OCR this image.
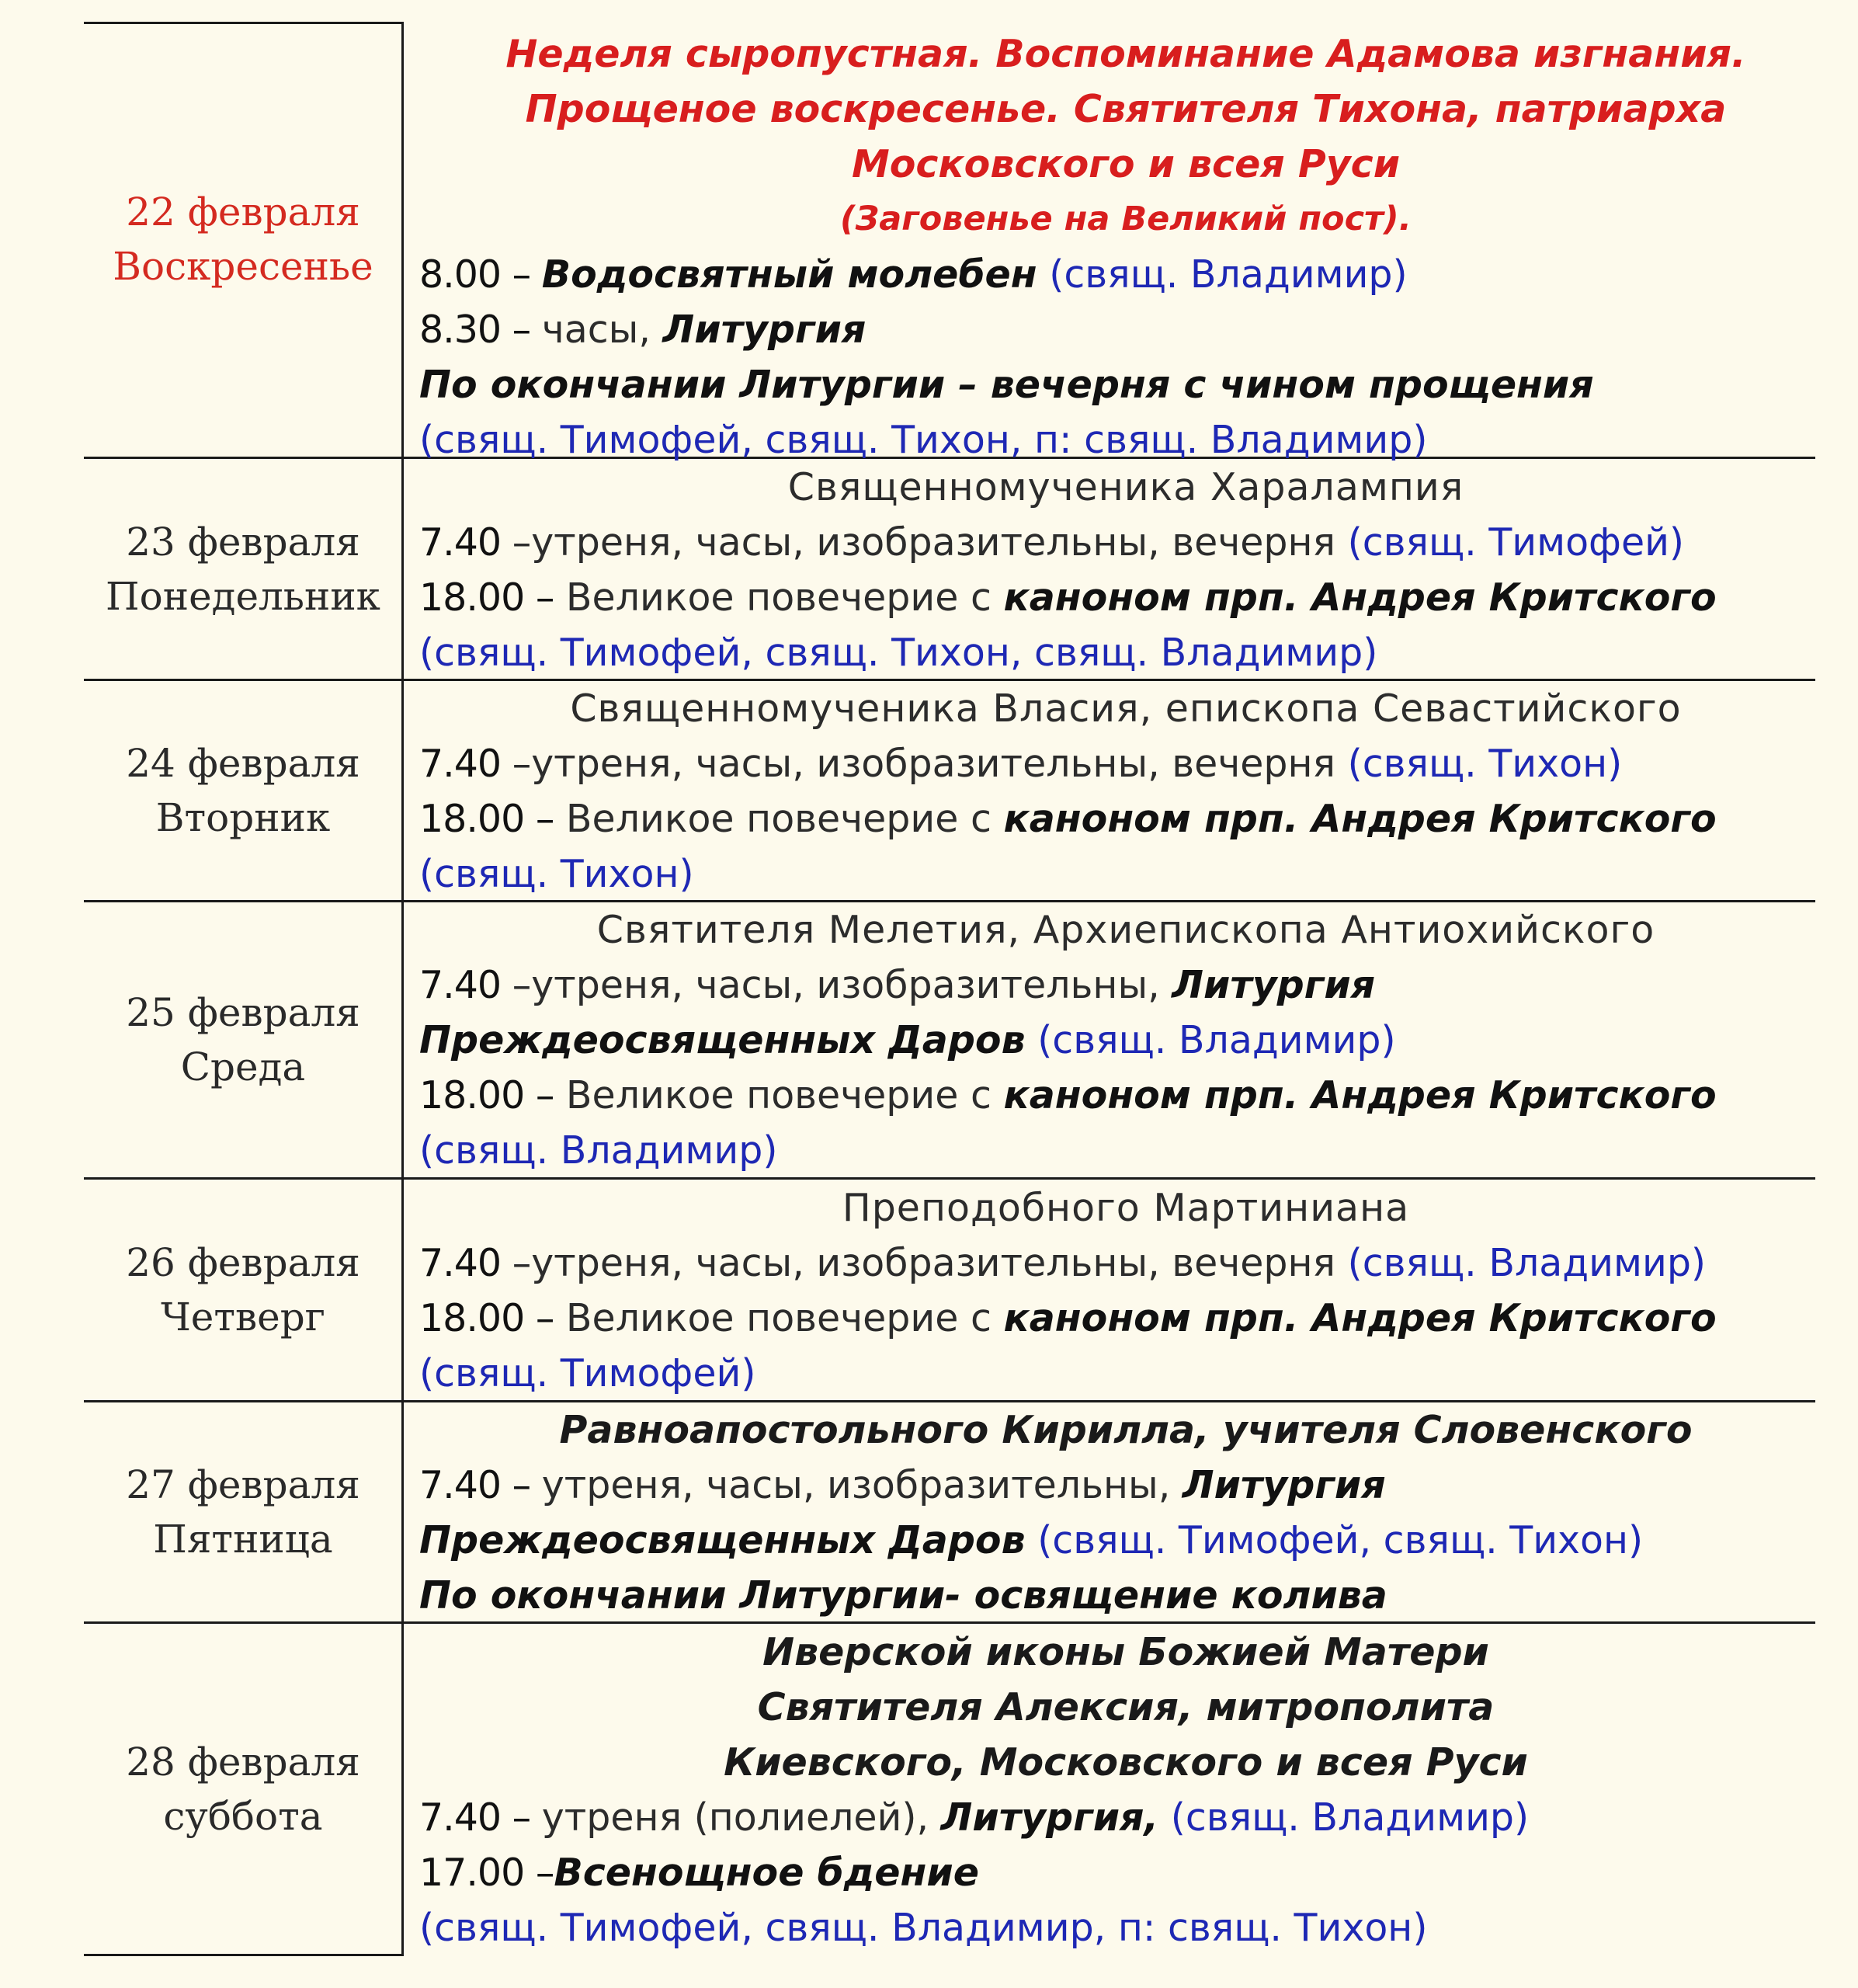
22 февраля
Воскресенье
Неделя сыропустная. Воспоминание Адамова изгнания.
Прощеное воскресенье. Святителя Тихона, патриарха
Московского и всея Руси
(Заговенье на Великий пост).
8.00 – Водосвятный молебен (свящ. Владимир)
8.30 – часы, Литургия
По окончании Литургии – вечерня с чином прощения
(свящ. Тимофей, свящ. Тихон, п: свящ. Владимир)
23 февраля
Понедельник
Священномученика Харалампия
7.40 –утреня, часы, изобразительны, вечерня (свящ. Тимофей)
18.00 – Великое повечерие с каноном прп. Андрея Критского
(свящ. Тимофей, свящ. Тихон, свящ. Владимир)
24 февраля
Вторник
Священномученика Власия, епископа Севастийского
7.40 –утреня, часы, изобразительны, вечерня (свящ. Тихон)
18.00 – Великое повечерие с каноном прп. Андрея Критского
(свящ. Тихон)
25 февраля
Среда
Святителя Мелетия, Архиепископа Антиохийского
7.40 –утреня, часы, изобразительны, Литургия
Преждеосвященных Даров (свящ. Владимир)
18.00 – Великое повечерие с каноном прп. Андрея Критского
(свящ. Владимир)
26 февраля
Четверг
Преподобного Мартиниана
7.40 –утреня, часы, изобразительны, вечерня (свящ. Владимир)
18.00 – Великое повечерие с каноном прп. Андрея Критского
(свящ. Тимофей)
27 февраля
Пятница
Равноапостольного Кирилла, учителя Словенского
7.40 – утреня, часы, изобразительны, Литургия
Преждеосвященных Даров (свящ. Тимофей, свящ. Тихон)
По окончании Литургии- освящение колива
28 февраля
суббота
Иверской иконы Божией Матери
Святителя Алексия, митрополита
Киевского, Московского и всея Руси
7.40 – утреня (полиелей), Литургия, (свящ. Владимир)
17.00 –Всенощное бдение
(свящ. Тимофей, свящ. Владимир, п: свящ. Тихон)
